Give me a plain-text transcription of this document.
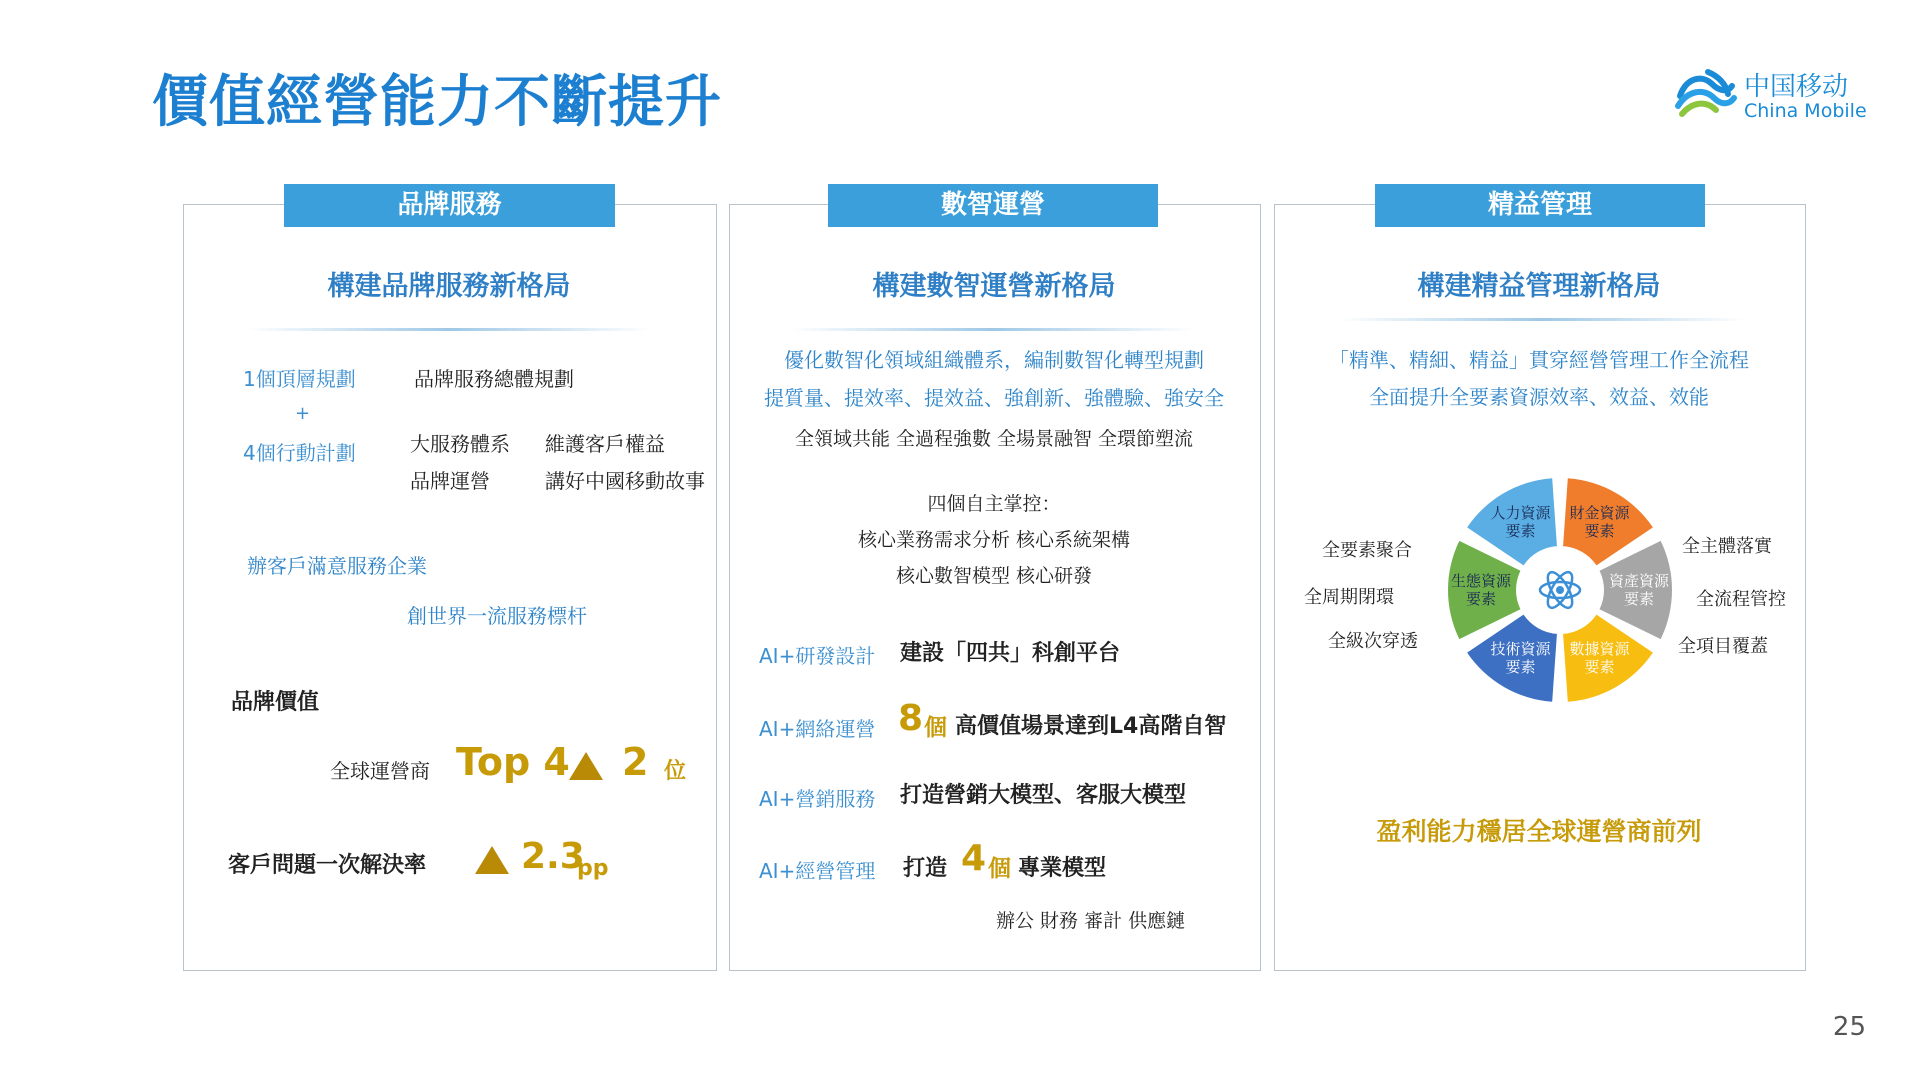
價值經營能力不斷提升	中国移动
China Mobile
品牌服務
構建品牌服務新格局
1個頂層規劃
+
4個行動計劃
品牌服務總體規劃
大服務體系 維護客戶權益
品牌運營	講好中國移動故事
辦客戶滿意服務企業
創世界一流服務標杆
品牌價值
全球運營商 Top 4 2 位
客戶問題一次解決率	2.3
pp
數智運營
構建數智運營新格局
優化數智化領域組織體系，編制數智化轉型規劃
提質量、提效率、提效益、強創新、強體驗、強安全
全領域共能 全過程強數 全場景融智 全環節塑流
四個自主掌控：
核心業務需求分析 核心系統架構
核心數智模型 核心研發
AI+研發設計 建設「四共」科創平台
AI+網絡運營 8 個 高價值場景達到L4高階自智
AI+營銷服務 打造營銷大模型、客服大模型
AI+經營管理 打造 4 個 專業模型
辦公 財務 審計 供應鏈
精益管理
構建精益管理新格局
「精準、精細、精益」貫穿經營管理工作全流程
全面提升全要素資源效率、效益、效能
人力資源
要素
財金資源
要素
資產資源
要素
數據資源
要素
技術資源
要素
生態資源
要素
全要素聚合
全周期閉環
全級次穿透
全主體落實
全流程管控
全項目覆蓋
盈利能力穩居全球運營商前列
25
